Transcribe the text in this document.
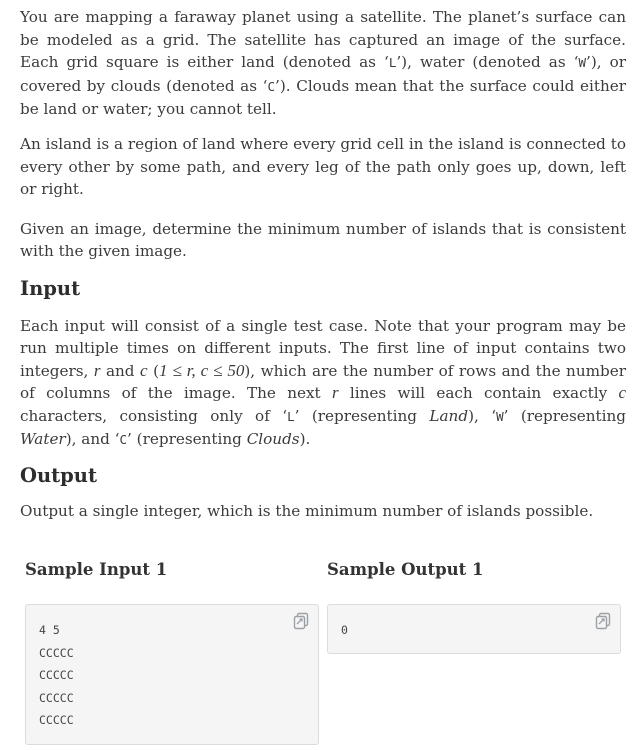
You are mapping a faraway planet using a satellite. The planet’s surface can be modeled as a grid. The satellite has captured an image of the surface. Each grid square is either land (denoted as ‘L’), water (denoted as ‘W’), or covered by clouds (denoted as ‘C’). Clouds mean that the surface could either be land or water; you cannot tell.

An island is a region of land where every grid cell in the island is connected to every other by some path, and every leg of the path only goes up, down, left or right.

Given an image, determine the minimum number of islands that is consistent with the given image.

Input

Each input will consist of a single test case. Note that your program may be run multiple times on different inputs. The first line of input contains two integers, r and c (1 ≤ r, c ≤ 50), which are the number of rows and the number of columns of the image. The next r lines will each contain exactly c characters, consisting only of ‘L’ (representing Land), ‘W’ (representing Water), and ‘C’ (representing Clouds).

Output

Output a single integer, which is the minimum number of islands possible.

Sample Input 1
4 5
CCCCC
CCCCC
CCCCC
CCCCC
Sample Output 1
0
